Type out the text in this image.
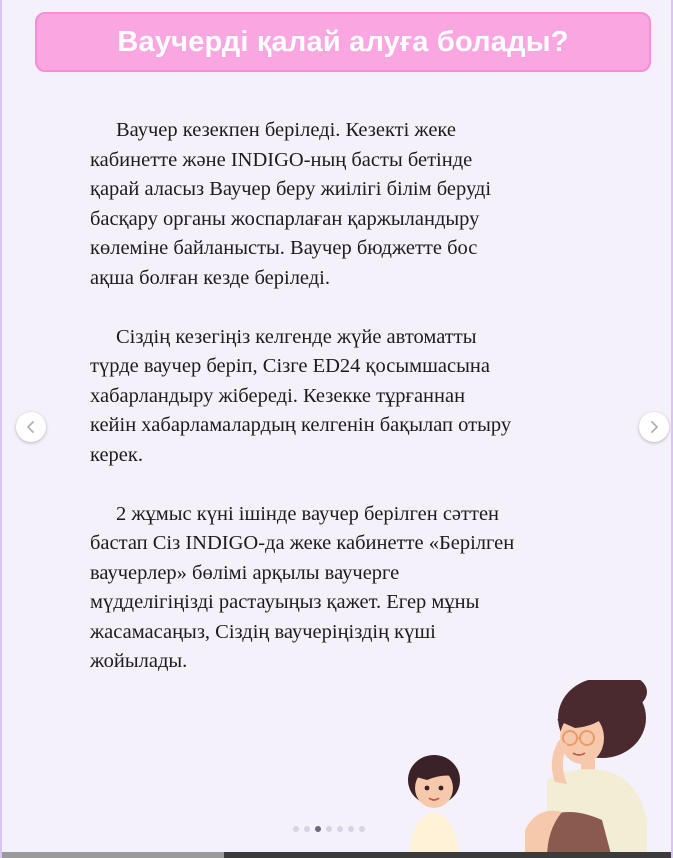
Ваучерді қалай алуға болады?
Ваучер кезекпен беріледі. Кезекті жеке
кабинетте және INDIGO-ның басты бетінде
қарай аласыз Ваучер беру жиілігі білім беруді
басқару органы жоспарлаған қаржыландыру
көлеміне байланысты. Ваучер бюджетте бос
ақша болған кезде беріледі.
Сіздің кезегіңіз келгенде жүйе автоматты
түрде ваучер беріп, Сізге ED24 қосымшасына
хабарландыру жібереді. Кезекке тұрғаннан
кейін хабарламалардың келгенін бақылап отыру
керек.
2 жұмыс күні ішінде ваучер берілген сәттен
бастап Сіз INDIGO-да жеке кабинетте «Берілген
ваучерлер» бөлімі арқылы ваучерге
мүдделігіңізді растауыңыз қажет. Егер мұны
жасамасаңыз, Сіздің ваучеріңіздің күші
жойылады.
